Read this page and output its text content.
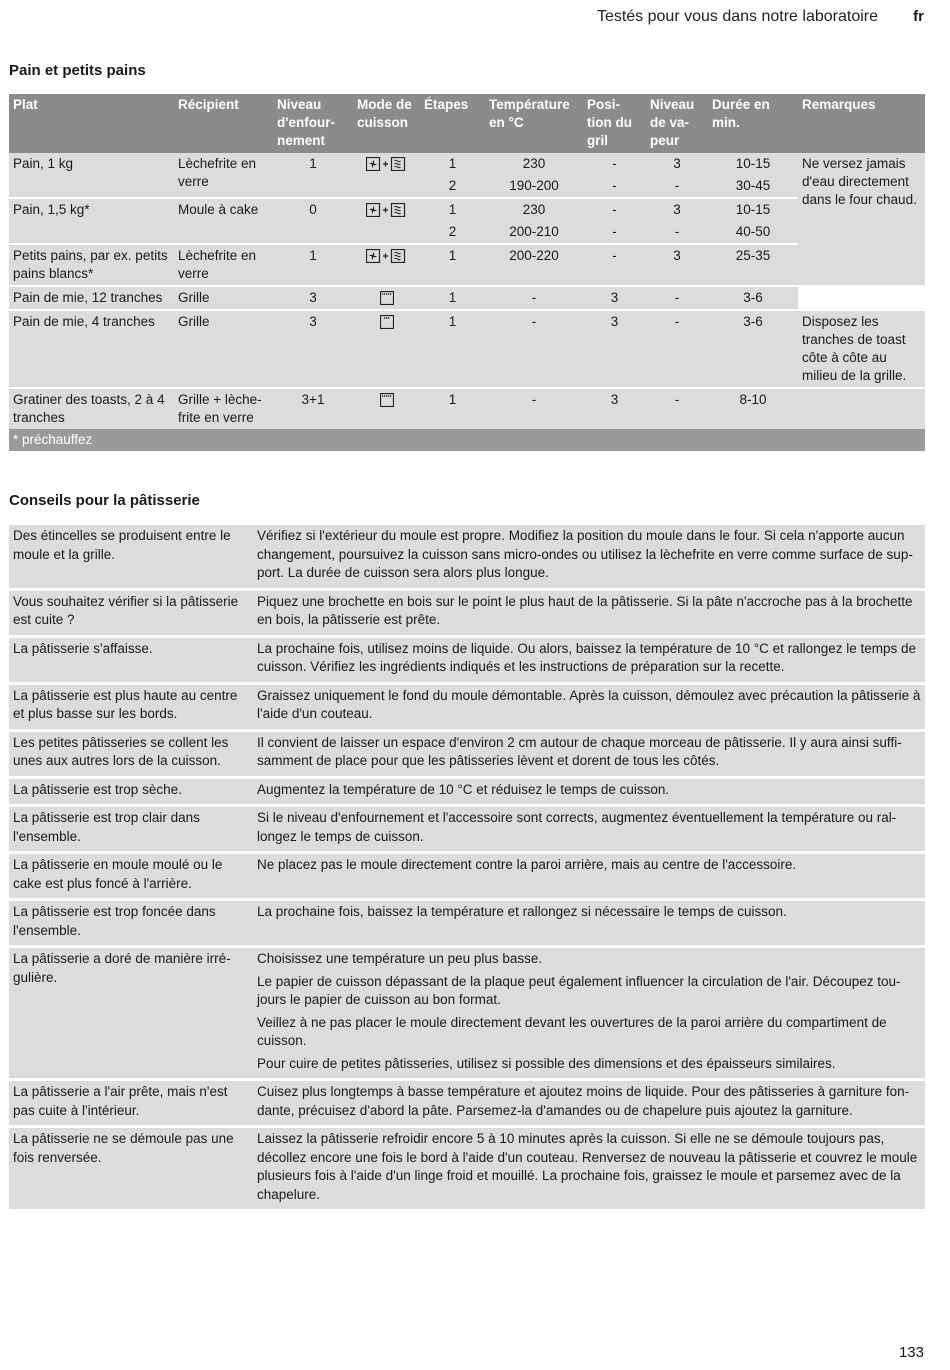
Testés pour vous dans notre laboratoire fr
Pain et petits pains
Plat	Récipient	Niveau d'enfour-nement	Mode de cuisson	Étapes	Température en °C	Posi-tion du gril	Niveau de va-peur	Durée en min.	Remarques
Pain, 1 kg	Lèchefrite en verre	1		1	230	-	3	10-15	Ne versez jamais d'eau directement dans le four chaud.
				2	190-200	-	-	30-45	
Pain, 1,5 kg*	Moule à cake	0		1	230	-	3	10-15	
				2	200-210	-	-	40-50	
Petits pains, par ex. petits pains blancs*	Lèchefrite en verre	1		1	200-220	-	3	25-35	
Pain de mie, 12 tranches	Grille	3		1	-	3	-	3-6	
Pain de mie, 4 tranches	Grille	3		1	-	3	-	3-6	Disposez les tranches de toast côte à côte au milieu de la grille.
Gratiner des toasts, 2 à 4 tranches	Grille + lèche-frite en verre	3+1		1	-	3	-	8-10	
* préchauffez									
Conseils pour la pâtisserie
Des étincelles se produisent entre le moule et la grille.	Vérifiez si l'extérieur du moule est propre. Modifiez la position du moule dans le four. Si cela n'apporte aucun changement, poursuivez la cuisson sans micro-ondes ou utilisez la lèchefrite en verre comme surface de sup-port. La durée de cuisson sera alors plus longue.

Vous souhaitez vérifier si la pâtisserie est cuite ?	Piquez une brochette en bois sur le point le plus haut de la pâtisserie. Si la pâte n'accroche pas à la brochette en bois, la pâtisserie est prête.

La pâtisserie s'affaisse.	La prochaine fois, utilisez moins de liquide. Ou alors, baissez la température de 10 °C et rallongez le temps de cuisson. Vérifiez les ingrédients indiqués et les instructions de préparation sur la recette.

La pâtisserie est plus haute au centre et plus basse sur les bords.	Graissez uniquement le fond du moule démontable. Après la cuisson, démoulez avec précaution la pâtisserie à l'aide d'un couteau.

Les petites pâtisseries se collent les unes aux autres lors de la cuisson.	Il convient de laisser un espace d'environ 2 cm autour de chaque morceau de pâtisserie. Il y aura ainsi suffi-samment de place pour que les pâtisseries lèvent et dorent de tous les côtés.

La pâtisserie est trop sèche.	Augmentez la température de 10 °C et réduisez le temps de cuisson.

La pâtisserie est trop clair dans l'ensemble.	Si le niveau d'enfournement et l'accessoire sont corrects, augmentez éventuellement la température ou ral-longez le temps de cuisson.

La pâtisserie en moule moulé ou le cake est plus foncé à l'arrière.	Ne placez pas le moule directement contre la paroi arrière, mais au centre de l'accessoire.

La pâtisserie est trop foncée dans l'ensemble.	La prochaine fois, baissez la température et rallongez si nécessaire le temps de cuisson.

La pâtisserie a doré de manière irré-gulière.	Choisissez une température un peu plus basse.

Le papier de cuisson dépassant de la plaque peut également influencer la circulation de l'air. Découpez tou-jours le papier de cuisson au bon format.

Veillez à ne pas placer le moule directement devant les ouvertures de la paroi arrière du compartiment de cuisson.

Pour cuire de petites pâtisseries, utilisez si possible des dimensions et des épaisseurs similaires.

La pâtisserie a l'air prête, mais n'est pas cuite à l'intérieur.	Cuisez plus longtemps à basse température et ajoutez moins de liquide. Pour des pâtisseries à garniture fon-dante, précuisez d'abord la pâte. Parsemez-la d'amandes ou de chapelure puis ajoutez la garniture.

La pâtisserie ne se démoule pas une fois renversée.	Laissez la pâtisserie refroidir encore 5 à 10 minutes après la cuisson. Si elle ne se démoule toujours pas, décollez encore une fois le bord à l'aide d'un couteau. Renversez de nouveau la pâtisserie et couvrez le moule plusieurs fois à l'aide d'un linge froid et mouillé. La prochaine fois, graissez le moule et parsemez avec de la chapelure.

133
